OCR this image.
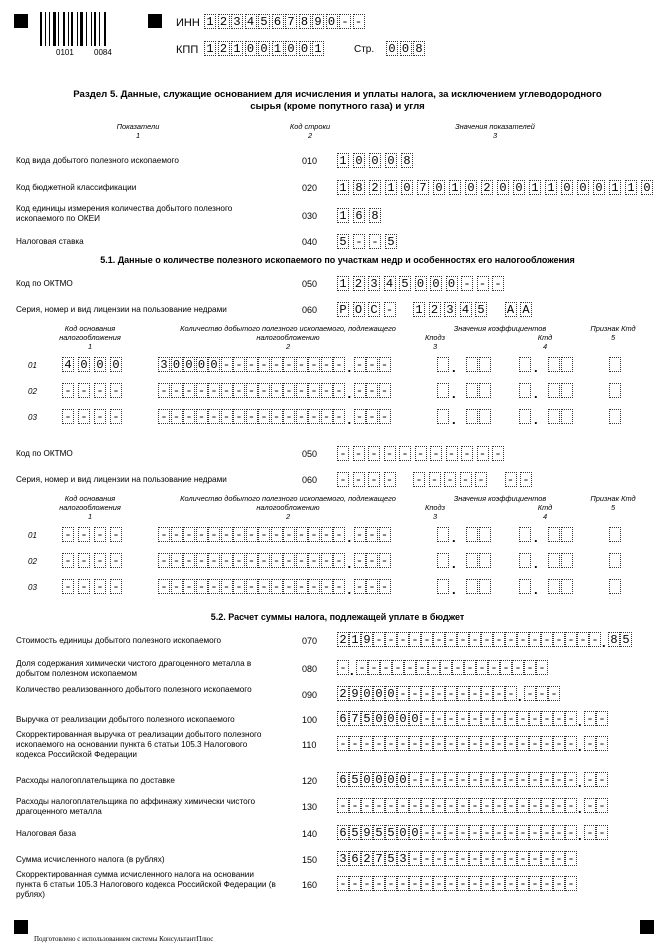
0101	0084
ИНН 1 2 3 4 5 6 7 8 9 0 - -
КПП 1 2 1 0 0 1 0 0 1	Стр. 0 0 8
Раздел 5. Данные, служащие основанием для исчисления и уплаты налога, за исключением углеводородного сырья (кроме попутного газа) и угля
Показатели
1
Код строки
2
Значения показателей
3
Код вида добытого полезного ископаемого	010 1 0 0 0 8
Код бюджетной классификации	020 1 8 2 1 0 7 0 1 0 2 0 0 1 1 0 0 0 1 1 0
Код единицы измерения количества добытого полезного ископаемого по ОКЕИ	030 1 6 8
Налоговая ставка	040 5 - - 5
5.1. Данные о количестве полезного ископаемого по участкам недр и особенностях его налогообложения
Код по ОКТМО	050 1 2 3 4 5 0 0 0 - - -
Серия, номер и вид лицензии на пользование недрами	060 Р О С - 1 2 3 4 5 А А
Код основания налогообложения
1
Количество добытого полезного ископаемого, подлежащего налогообложению
2
Значения коэффициентов
Кподз
3
Ктд
4
Признак Ктд
5
01 4 0 0 0	3 0 0 0 0 - - - - - - - - - - . - - -	.	.
02 - - - -	- - - - - - - - - - - - - - - . - - -	.	.
03 - - - -	- - - - - - - - - - - - - - - . - - -	.	.
Код по ОКТМО	050 - - - - - - - - - - -
Серия, номер и вид лицензии на пользование недрами	060 - - - - - - - - - - -
Код основания налогообложения
1
Количество добытого полезного ископаемого, подлежащего налогообложению
2
Значения коэффициентов
Кподз
3
Ктд
4
Признак Ктд
5
01 - - - -	- - - - - - - - - - - - - - - . - - -	.	.
02 - - - -	- - - - - - - - - - - - - - - . - - -	.	.
03 - - - -	- - - - - - - - - - - - - - - . - - -	.	.
5.2. Расчет суммы налога, подлежащей уплате в бюджет
Стоимость единицы добытого полезного ископаемого	070 2 1 9 - - - - - - - - - - - - - - - - - - - . 8 5
Доля содержания химически чистого драгоценного металла в добытом полезном ископаемом	080 - . - - - - - - - - - - - - - - - -
Количество реализованного добытого полезного ископаемого
090 2 9 0 0 0 - - - - - - - - - - . - - -
Выручка от реализации добытого полезного ископаемого	100 6 7 5 0 0 0 0 - - - - - - - - - - - - - . - -
Скорректированная выручка от реализации добытого полезного ископаемого на основании пункта 6 статьи 105.3 Налогового кодекса Российской Федерации
110 - - - - - - - - - - - - - - - - - - - - . - -
Расходы налогоплательщика по доставке	120 6 5 0 0 0 0 - - - - - - - - - - - - - - . - -
Расходы налогоплательщика по аффинажу химически чистого драгоценного металла	130 - - - - - - - - - - - - - - - - - - - - . - -
Налоговая база	140 6 5 9 5 5 0 0 - - - - - - - - - - - - - . - -
Сумма исчисленного налога (в рублях)	150 3 6 2 7 5 3 - - - - - - - - - - - - - -
Скорректированная сумма исчисленного налога на основании пункта 6 статьи 105.3 Налогового кодекса Российской Федерации (в рублях)
160 - - - - - - - - - - - - - - - - - - - -
Подготовлено с использованием системы КонсультантПлюс
